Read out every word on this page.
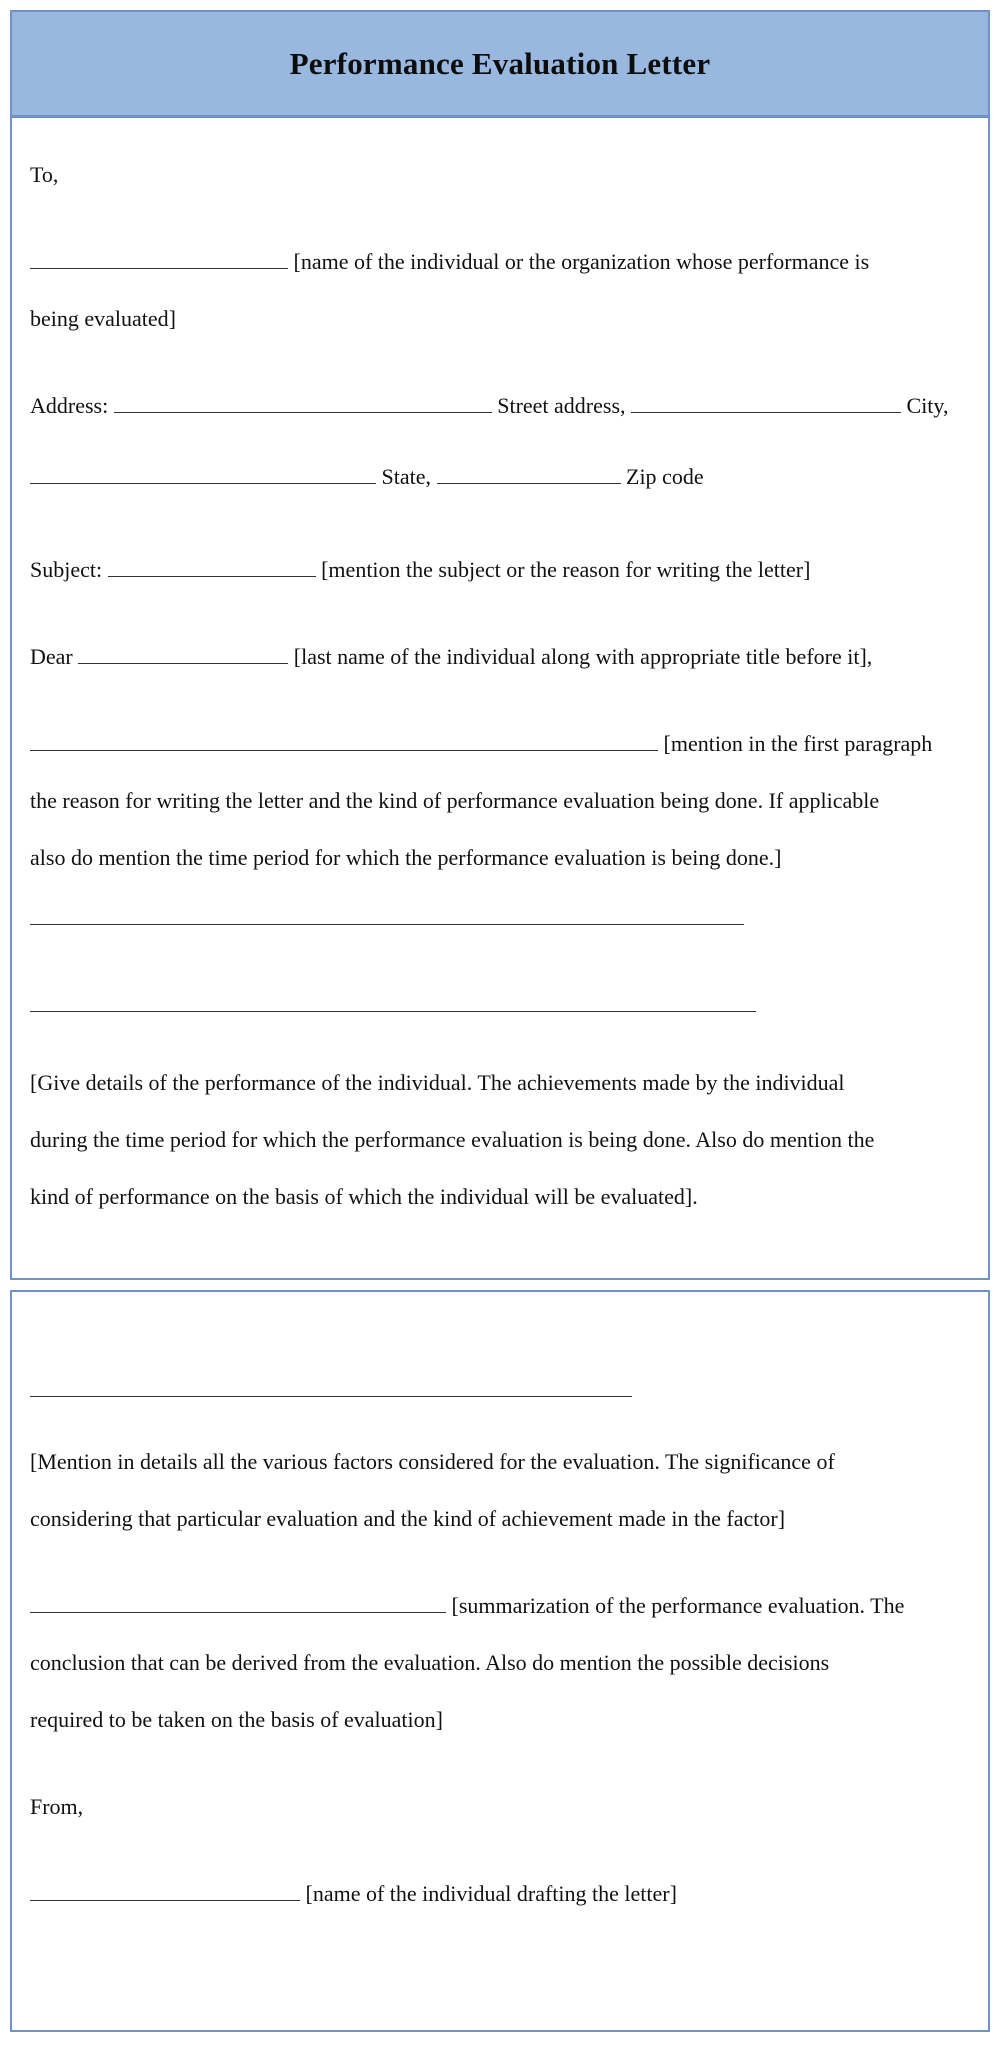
Performance Evaluation Letter

To,

[name of the individual or the organization whose performance is

being evaluated]

Address:	Street address,	City,

State,	Zip code

Subject:	[mention the subject or the reason for writing the letter]

Dear	[last name of the individual along with appropriate title before it],

[mention in the first paragraph

the reason for writing the letter and the kind of performance evaluation being done. If applicable

also do mention the time period for which the performance evaluation is being done.]

[Give details of the performance of the individual. The achievements made by the individual

during the time period for which the performance evaluation is being done. Also do mention the

kind of performance on the basis of which the individual will be evaluated].

[Mention in details all the various factors considered for the evaluation. The significance of

considering that particular evaluation and the kind of achievement made in the factor]

[summarization of the performance evaluation. The

conclusion that can be derived from the evaluation. Also do mention the possible decisions

required to be taken on the basis of evaluation]

From,

[name of the individual drafting the letter]
